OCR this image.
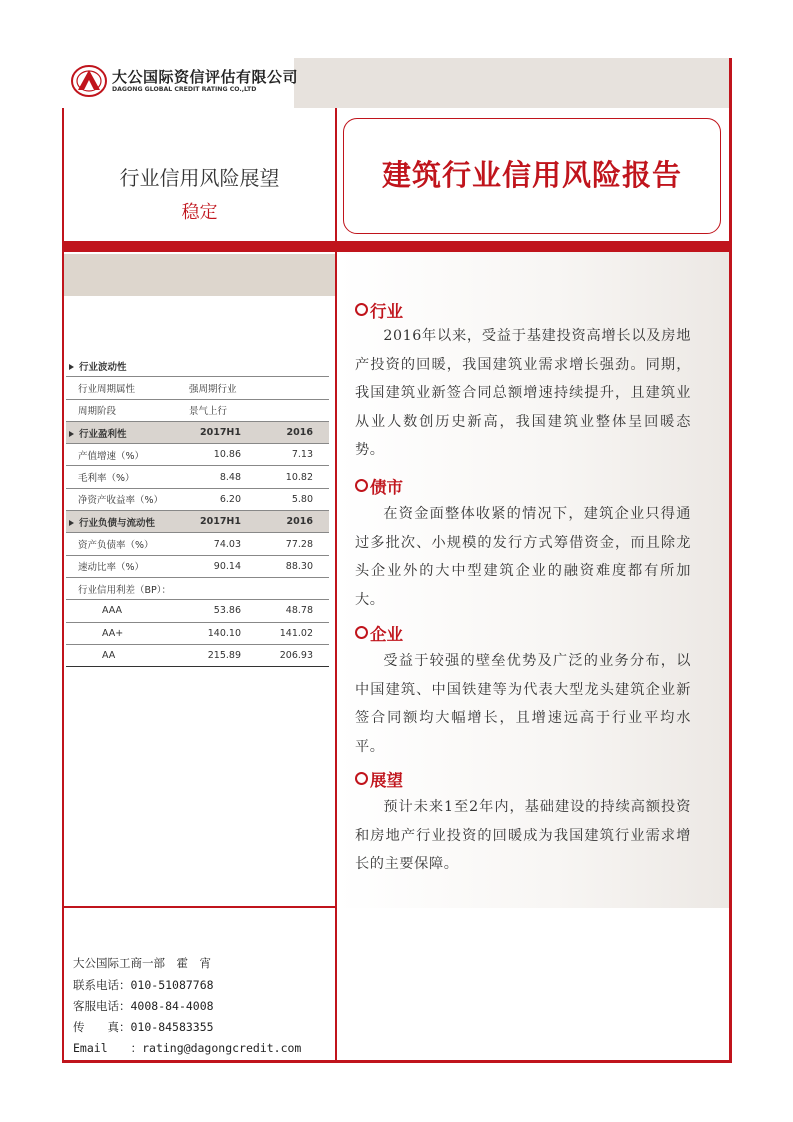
大公国际资信评估有限公司
DAGONG GLOBAL CREDIT RATING CO.,LTD
行业信用风险展望
稳定
建筑行业信用风险报告
行业波动性		
行业周期属性	强周期行业	
周期阶段	景气上行	
行业盈利性	2017H1	2016
产值增速（%）	10.86	7.13
毛利率（%）	8.48	10.82
净资产收益率（%）	6.20	5.80
行业负债与流动性	2017H1	2016
资产负债率（%）	74.03	77.28
速动比率（%）	90.14	88.30
行业信用利差（BP）：		
AAA	53.86	48.78
AA+	140.10	141.02
AA	215.89	206.93
行业
2016年以来，受益于基建投资高增长以及房地产投资的回暖，我国建筑业需求增长强劲。同期，我国建筑业新签合同总额增速持续提升，且建筑业从业人数创历史新高，我国建筑业整体呈回暖态势。
债市
在资金面整体收紧的情况下，建筑企业只得通过多批次、小规模的发行方式筹借资金，而且除龙头企业外的大中型建筑企业的融资难度都有所加大。
企业
受益于较强的壁垒优势及广泛的业务分布，以中国建筑、中国铁建等为代表大型龙头建筑企业新签合同额均大幅增长，且增速远高于行业平均水平。
展望
预计未来1至2年内，基础建设的持续高额投资和房地产行业投资的回暖成为我国建筑行业需求增长的主要保障。
大公国际工商一部　霍　宵
联系电话：010-51087768
客服电话：4008-84-4008
传　　真：010-84583355
Email　　：rating@dagongcredit.com
